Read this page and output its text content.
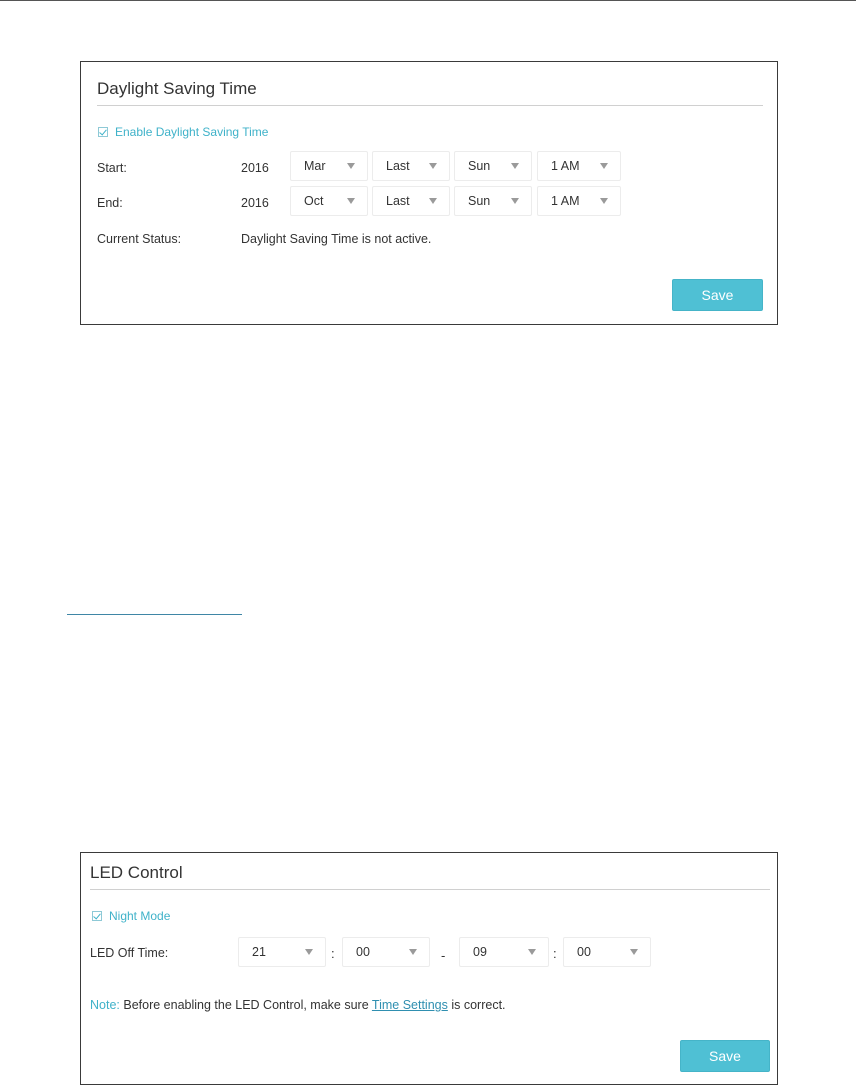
Daylight Saving Time
Enable Daylight Saving Time
Start:	2016	Mar	Last	Sun	1 AM
End:	2016	Oct	Last	Sun	1 AM
Current Status:	Daylight Saving Time is not active.
Save
LED Control
Night Mode
LED Off Time:	21	:	00	-	09	:	00
Note: Before enabling the LED Control, make sure Time Settings is correct.
Save
